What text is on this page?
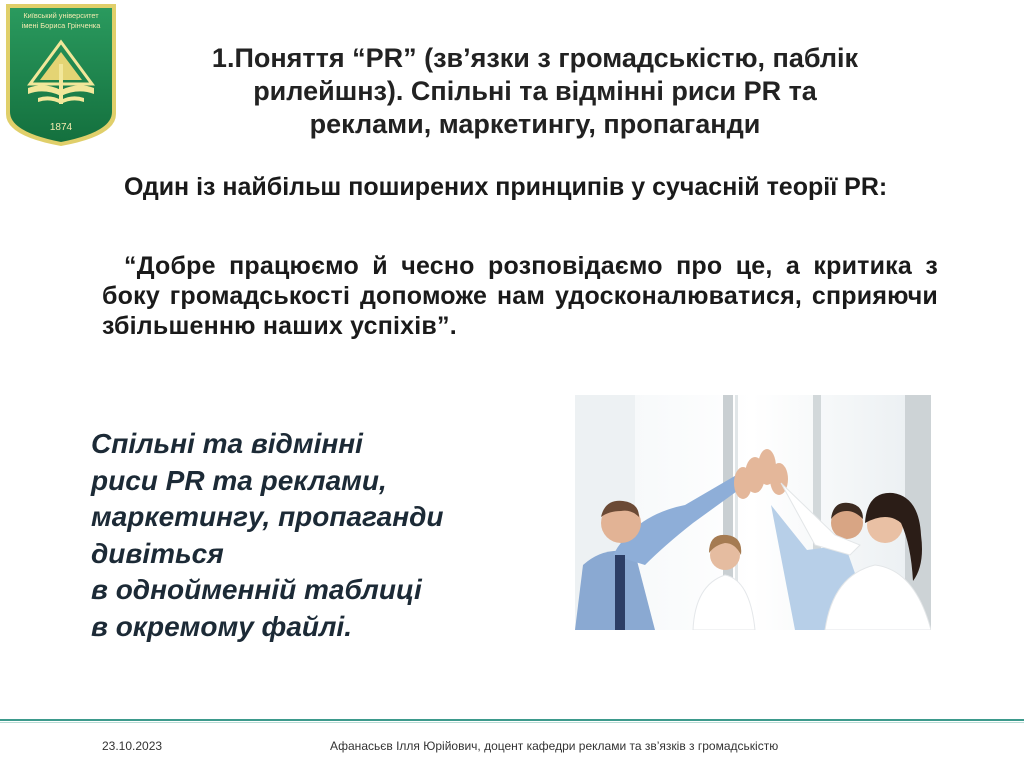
Київський університет
імені Бориса Грінченка
1874
1.Поняття “PR” (зв’язки з громадськістю, паблік
рилейшнз). Спільні та відмінні риси PR та
реклами, маркетингу, пропаганди
Один із найбільш поширених принципів у сучасній теорії PR:
“Добре працюємо й чесно розповідаємо про це, а критика з боку громадськості допоможе нам удосконалюватися, сприяючи збільшенню наших успіхів”.
Спільні та відмінні
риси PR та реклами,
маркетингу, пропаганди
дивіться
в однойменній таблиці
в окремому файлі.
23.10.2023	Афанасьєв Ілля Юрійович, доцент кафедри реклами та зв’язків з громадськістю
